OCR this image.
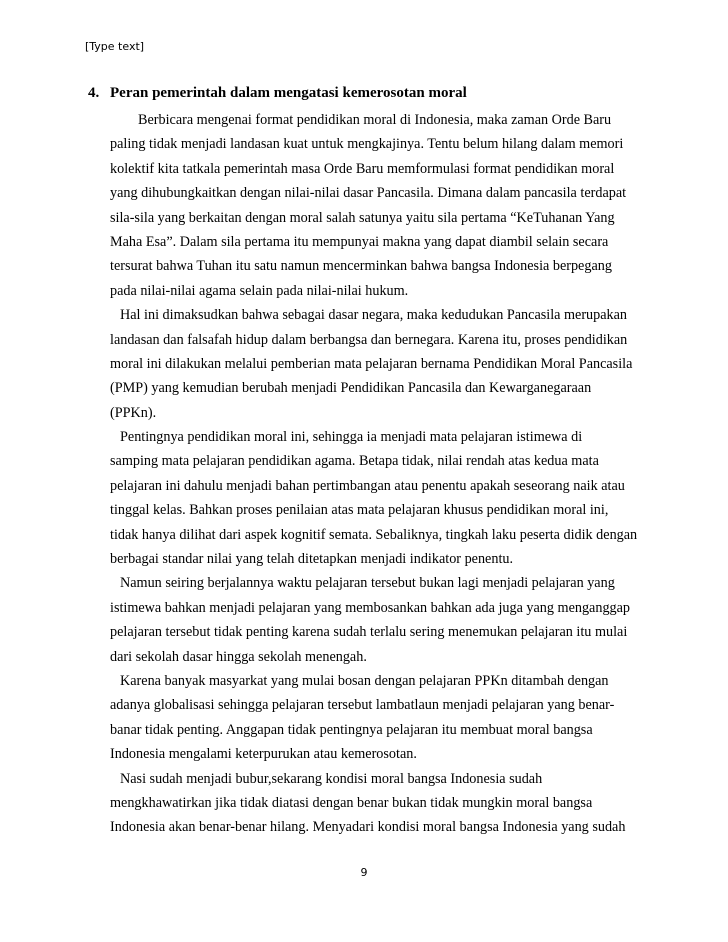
[Type text]
4. Peran pemerintah dalam mengatasi kemerosotan moral
Berbicara mengenai format pendidikan moral di Indonesia, maka zaman Orde Baru
paling tidak menjadi landasan kuat untuk mengkajinya. Tentu belum hilang dalam memori
kolektif kita tatkala pemerintah masa Orde Baru memformulasi format pendidikan moral
yang dihubungkaitkan dengan nilai-nilai dasar Pancasila. Dimana dalam pancasila terdapat
sila-sila yang berkaitan dengan moral salah satunya yaitu sila pertama “KeTuhanan Yang
Maha Esa”. Dalam sila pertama itu mempunyai makna yang dapat diambil selain secara
tersurat bahwa Tuhan itu satu namun mencerminkan bahwa bangsa Indonesia berpegang
pada nilai-nilai agama selain pada nilai-nilai hukum.
Hal ini dimaksudkan bahwa sebagai dasar negara, maka kedudukan Pancasila merupakan
landasan dan falsafah hidup dalam berbangsa dan bernegara. Karena itu, proses pendidikan
moral ini dilakukan melalui pemberian mata pelajaran bernama Pendidikan Moral Pancasila
(PMP) yang kemudian berubah menjadi Pendidikan Pancasila dan Kewarganegaraan
(PPKn).
Pentingnya pendidikan moral ini, sehingga ia menjadi mata pelajaran istimewa di
samping mata pelajaran pendidikan agama. Betapa tidak, nilai rendah atas kedua mata
pelajaran ini dahulu menjadi bahan pertimbangan atau penentu apakah seseorang naik atau
tinggal kelas. Bahkan proses penilaian atas mata pelajaran khusus pendidikan moral ini,
tidak hanya dilihat dari aspek kognitif semata. Sebaliknya, tingkah laku peserta didik dengan
berbagai standar nilai yang telah ditetapkan menjadi indikator penentu.
Namun seiring berjalannya waktu pelajaran tersebut bukan lagi menjadi pelajaran yang
istimewa bahkan menjadi pelajaran yang membosankan bahkan ada juga yang menganggap
pelajaran tersebut tidak penting karena sudah terlalu sering menemukan pelajaran itu mulai
dari sekolah dasar hingga sekolah menengah.
Karena banyak masyarkat yang mulai bosan dengan pelajaran PPKn ditambah dengan
adanya globalisasi sehingga pelajaran tersebut lambatlaun menjadi pelajaran yang benar-
banar tidak penting. Anggapan tidak pentingnya pelajaran itu membuat moral bangsa
Indonesia mengalami keterpurukan atau kemerosotan.
Nasi sudah menjadi bubur,sekarang kondisi moral bangsa Indonesia sudah
mengkhawatirkan jika tidak diatasi dengan benar bukan tidak mungkin moral bangsa
Indonesia akan benar-benar hilang. Menyadari kondisi moral bangsa Indonesia yang sudah
9
